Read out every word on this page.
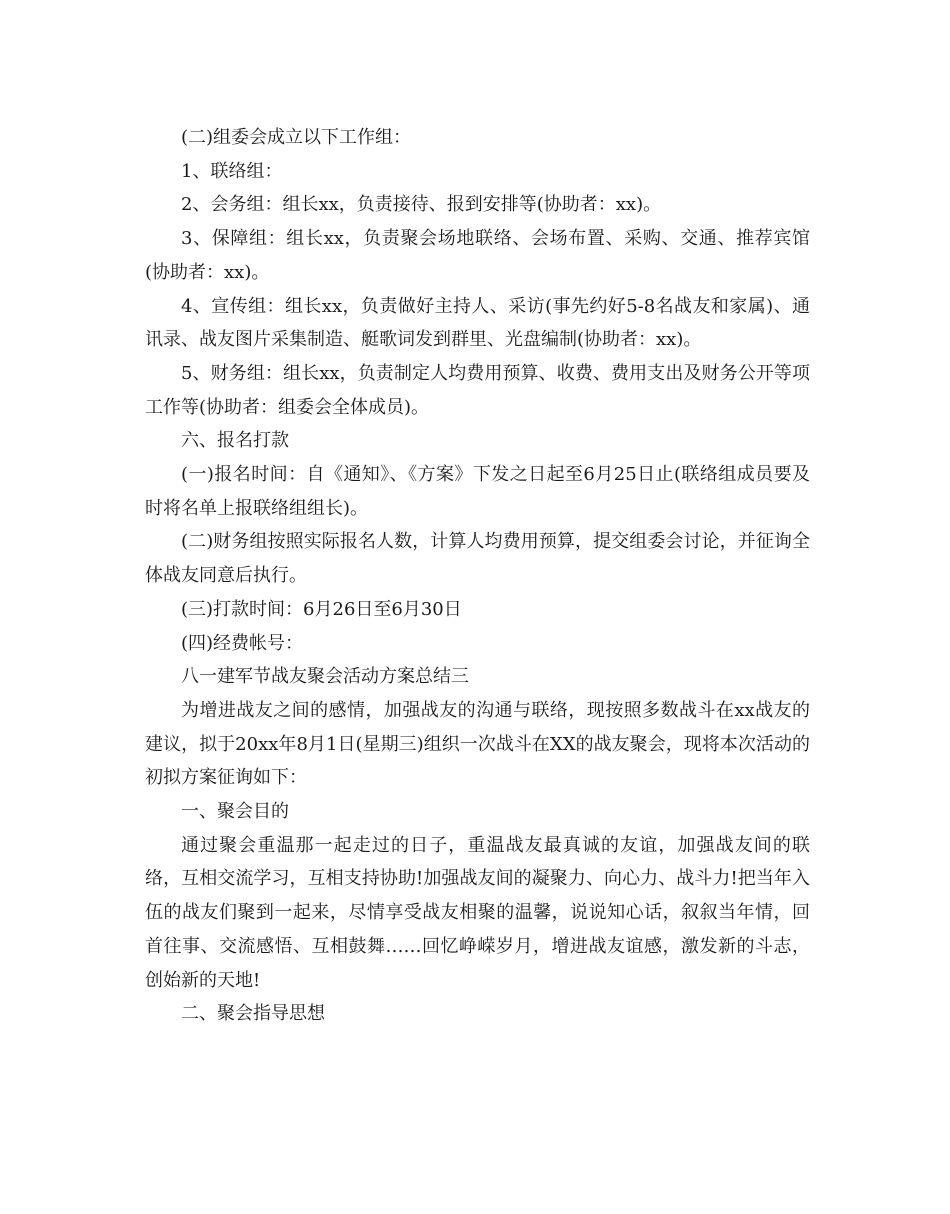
(二)组委会成立以下工作组：

1、联络组：

2、会务组：组长xx，负责接待、报到安排等(协助者：xx)。

3、保障组：组长xx，负责聚会场地联络、会场布置、采购、交通、推荐宾馆(协助者：xx)。

4、宣传组：组长xx，负责做好主持人、采访(事先约好5-8名战友和家属)、通讯录、战友图片采集制造、艇歌词发到群里、光盘编制(协助者：xx)。

5、财务组：组长xx，负责制定人均费用预算、收费、费用支出及财务公开等项工作等(协助者：组委会全体成员)。

六、报名打款

(一)报名时间：自《通知》、《方案》下发之日起至6月25日止(联络组成员要及时将名单上报联络组组长)。

(二)财务组按照实际报名人数，计算人均费用预算，提交组委会讨论，并征询全体战友同意后执行。

(三)打款时间：6月26日至6月30日

(四)经费帐号：

八一建军节战友聚会活动方案总结三

为增进战友之间的感情，加强战友的沟通与联络，现按照多数战斗在xx战友的建议，拟于20xx年8月1日(星期三)组织一次战斗在XX的战友聚会，现将本次活动的初拟方案征询如下：

一、聚会目的

通过聚会重温那一起走过的日子，重温战友最真诚的友谊，加强战友间的联络，互相交流学习，互相支持协助!加强战友间的凝聚力、向心力、战斗力!把当年入伍的战友们聚到一起来，尽情享受战友相聚的温馨，说说知心话，叙叙当年情，回首往事、交流感悟、互相鼓舞……回忆峥嵘岁月，增进战友谊感，激发新的斗志，创始新的天地!

二、聚会指导思想
